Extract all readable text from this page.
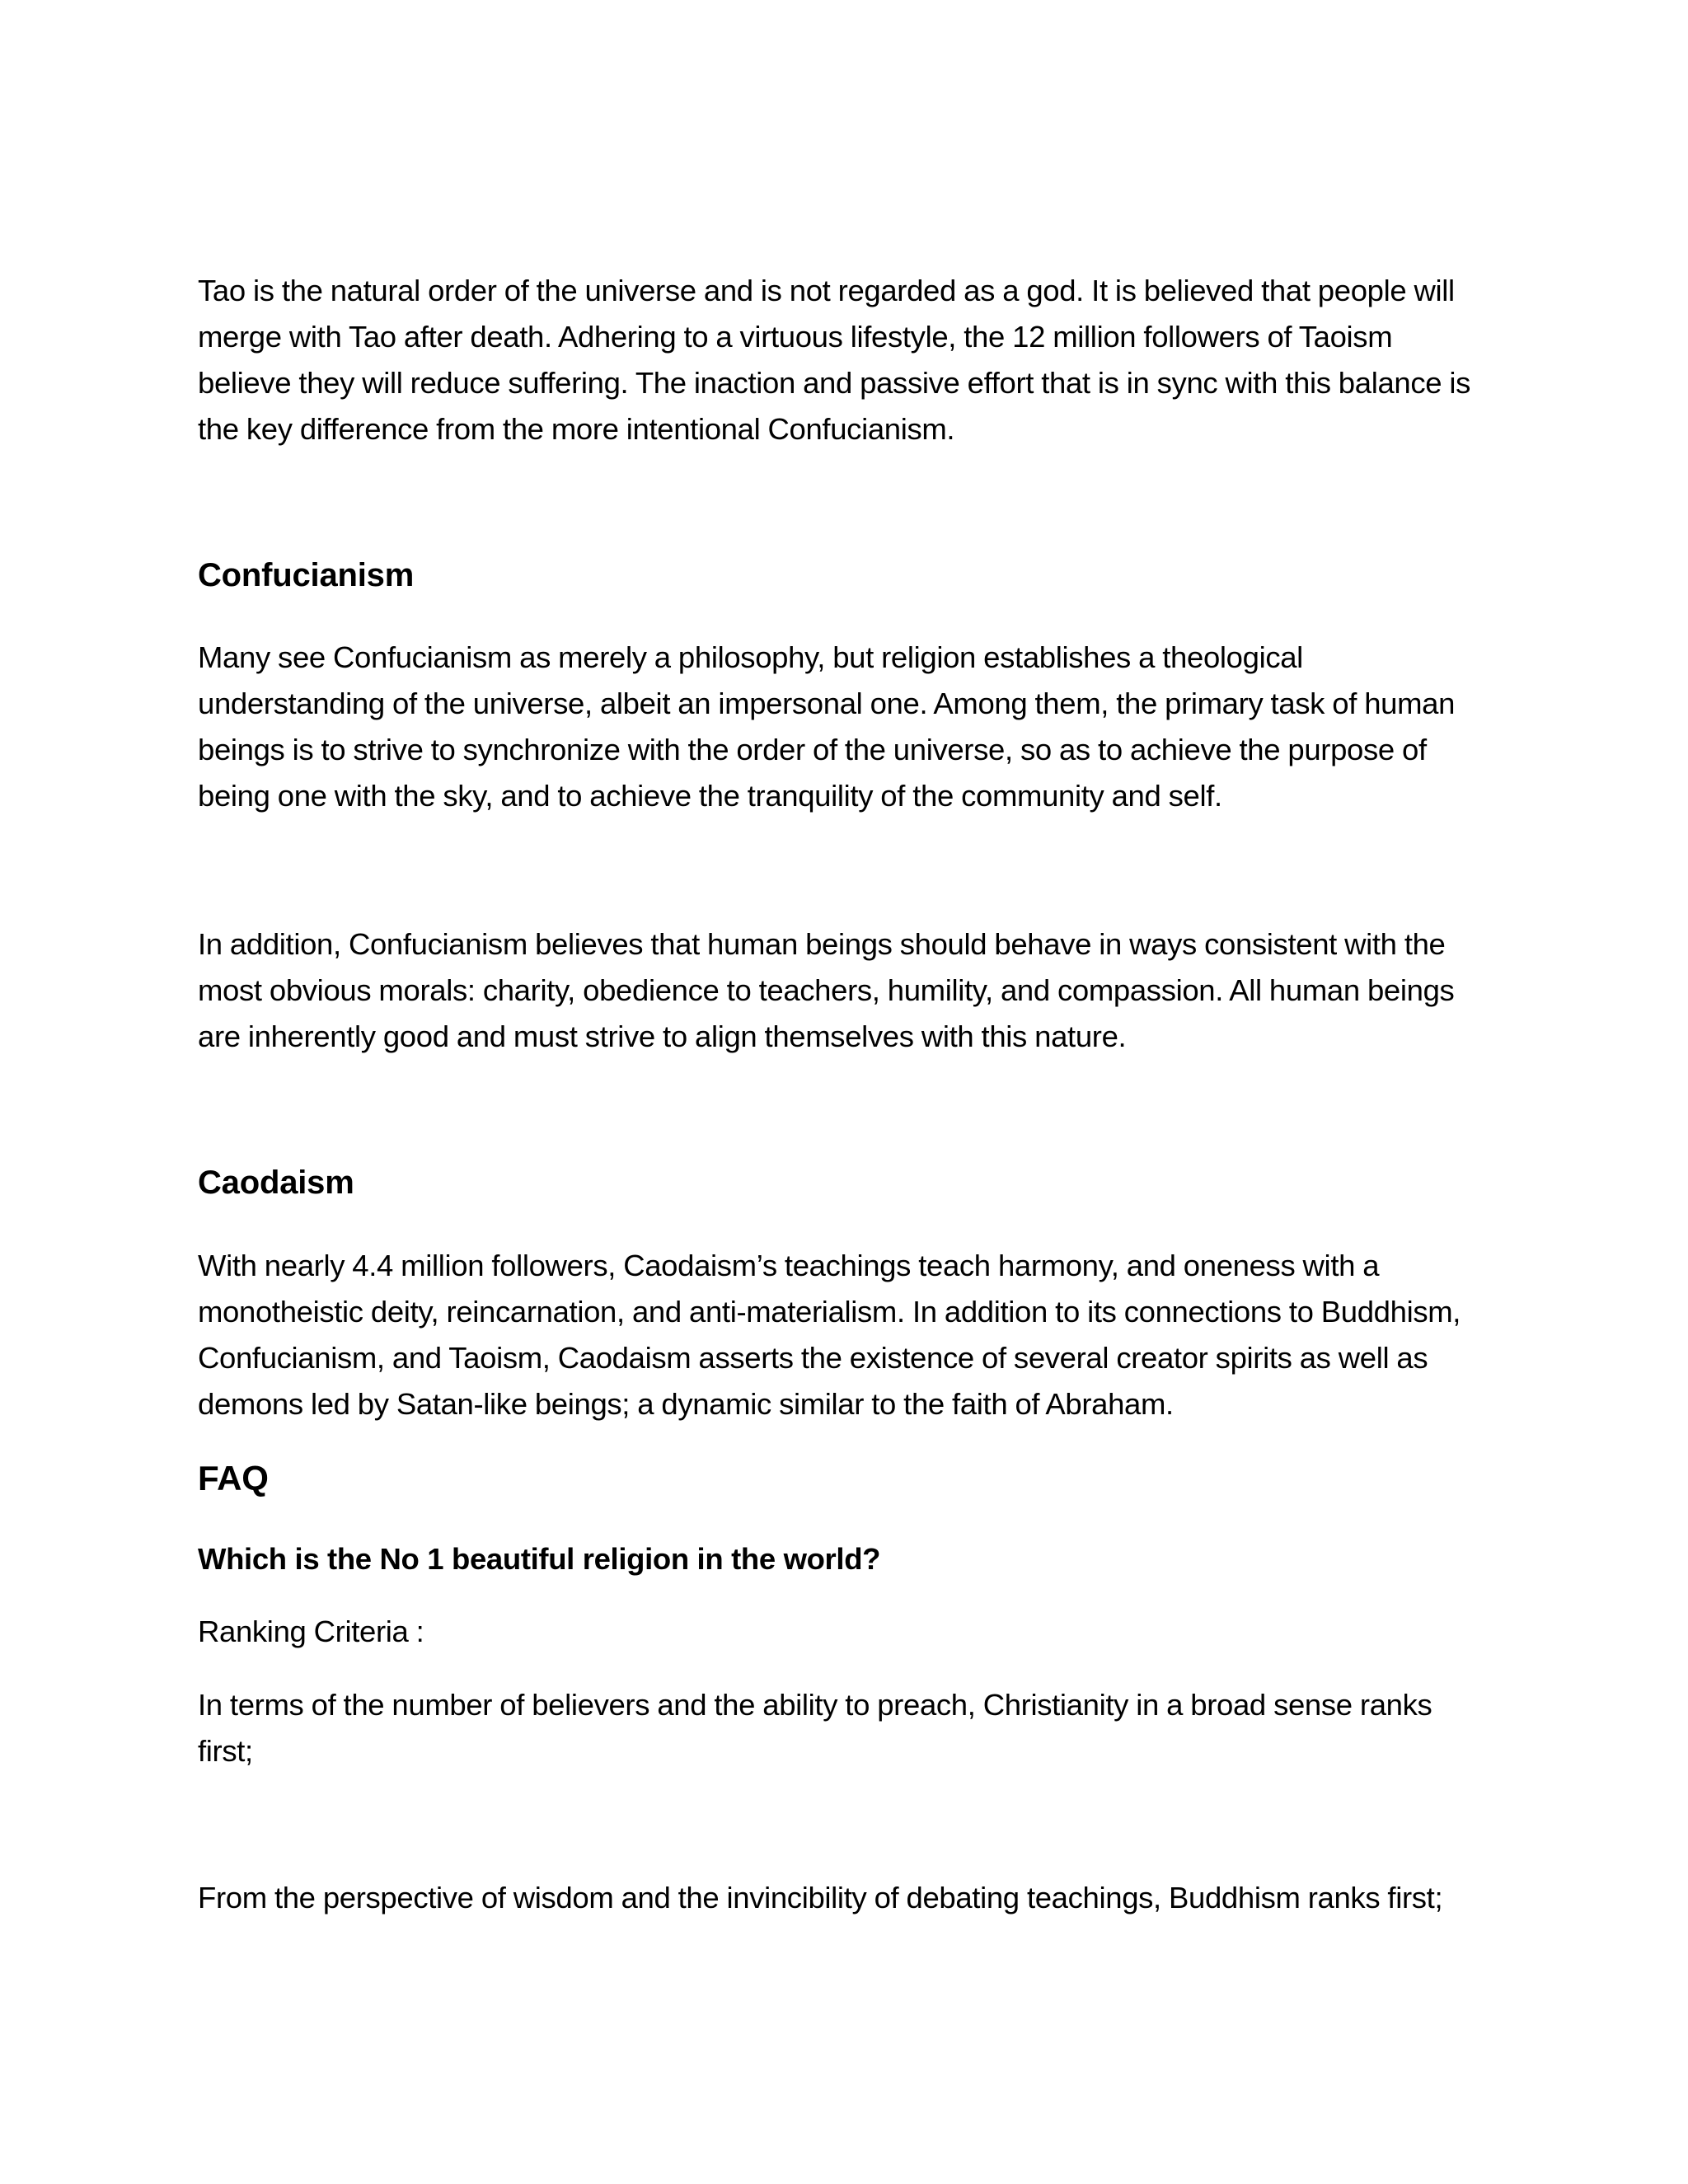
Tao is the natural order of the universe and is not regarded as a god. It is believed that people will merge with Tao after death. Adhering to a virtuous lifestyle, the 12 million followers of Taoism believe they will reduce suffering. The inaction and passive effort that is in sync with this balance is the key difference from the more intentional Confucianism.

Confucianism

Many see Confucianism as merely a philosophy, but religion establishes a theological understanding of the universe, albeit an impersonal one. Among them, the primary task of human beings is to strive to synchronize with the order of the universe, so as to achieve the purpose of being one with the sky, and to achieve the tranquility of the community and self.

In addition, Confucianism believes that human beings should behave in ways consistent with the most obvious morals: charity, obedience to teachers, humility, and compassion. All human beings are inherently good and must strive to align themselves with this nature.

Caodaism

With nearly 4.4 million followers, Caodaism’s teachings teach harmony, and oneness with a monotheistic deity, reincarnation, and anti-materialism. In addition to its connections to Buddhism, Confucianism, and Taoism, Caodaism asserts the existence of several creator spirits as well as demons led by Satan-like beings; a dynamic similar to the faith of Abraham.

FAQ

Which is the No 1 beautiful religion in the world?

Ranking Criteria :

In terms of the number of believers and the ability to preach, Christianity in a broad sense ranks first;

From the perspective of wisdom and the invincibility of debating teachings, Buddhism ranks first;
